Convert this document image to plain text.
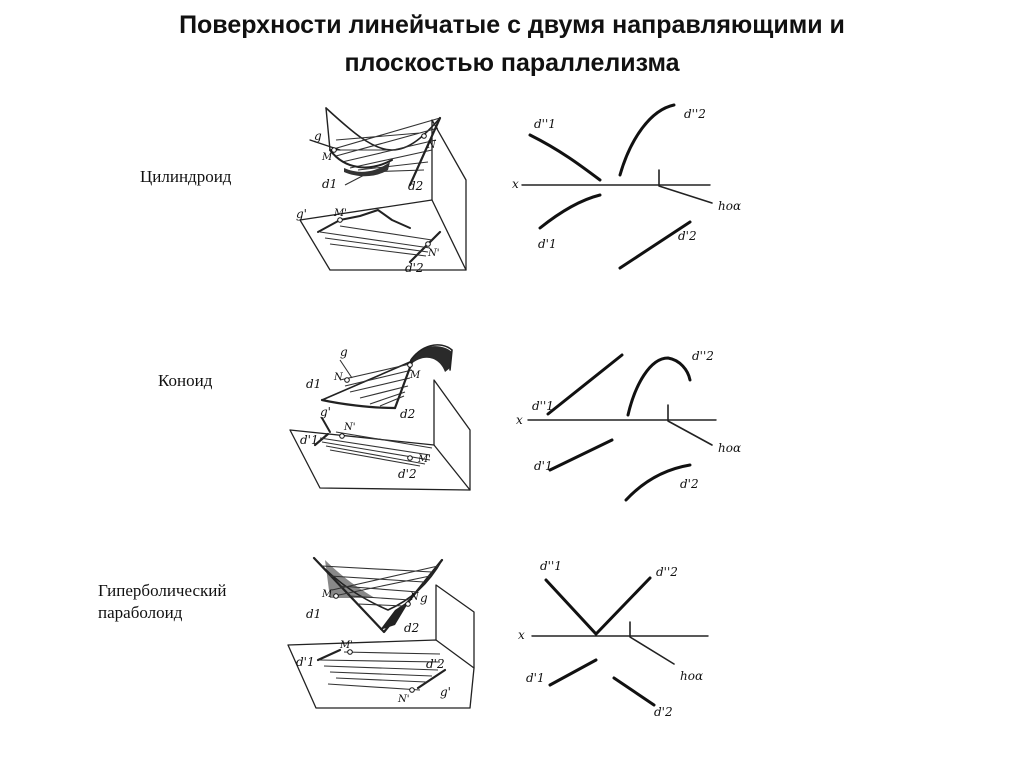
Поверхности линейчатые с двумя направляющими и
плоскостью параллелизма
Цилиндроид
Коноид
Гиперболический
параболоид
g
M
N
d1	d2
g'	M'
N'
d'2
x
hoα
d''1
d''2
d'1
d'2
g
N	M
d1
d2
g'
d'1
N'
M'
d'2
x
hoα
d''1
d''2
d'1
d'2
M	N g
d1
d2
M'
N'
d'1	d'2
g'
x
hoα
d''1	d''2
d'1
d'2
